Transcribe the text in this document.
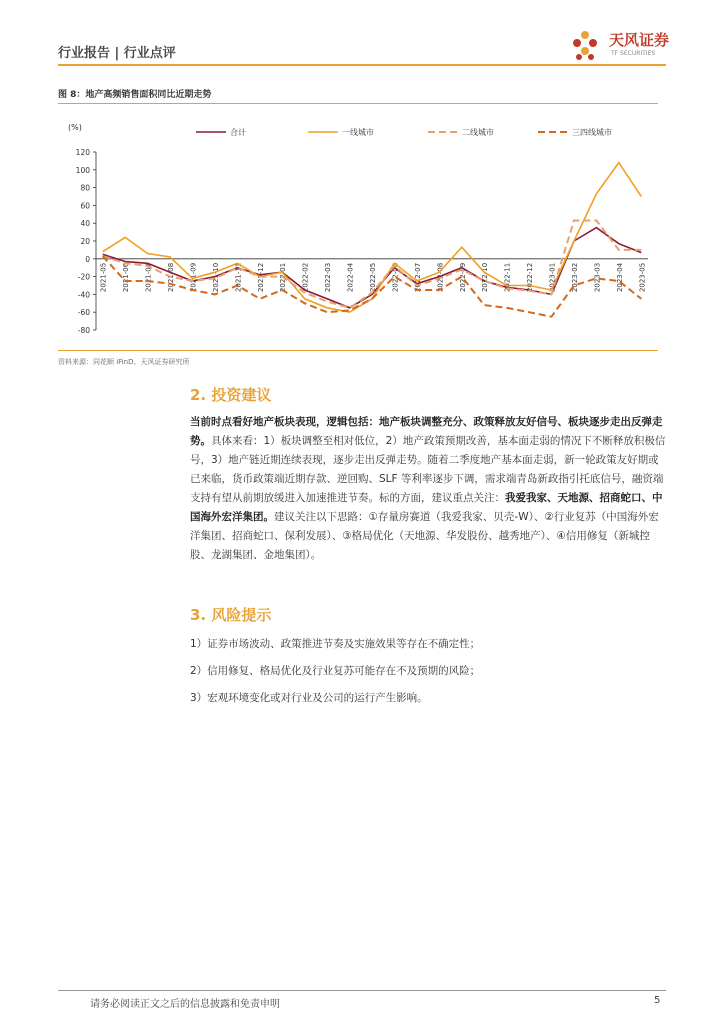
行业报告 | 行业点评
天风证券
TF SECURITIES
图 8：地产高频销售面积同比近期走势
(%)
120
100
80
60
40
20
0
-20
-40
-60
-80
2021-05 2021-06 2021-07 2021-08 2021-09 2021-10 2021-11 2021-12 2022-01 2022-02 2022-03 2022-04 2022-05 2022-06 2022-07 2022-08 2022-09 2022-10 2022-11 2022-12 2023-01 2023-02 2023-03 2023-04 2023-05
合计	一线城市	二线城市	三四线城市
资料来源：同花顺 iFinD、天风证券研究所
2. 投资建议

当前时点看好地产板块表现，逻辑包括：地产板块调整充分、政策释放友好信号、板块逐步走出反弹走势。具体来看：1）板块调整至相对低位，2）地产政策预期改善，基本面走弱的情况下不断释放积极信号，3）地产链近期连续表现，逐步走出反弹走势。随着二季度地产基本面走弱，新一轮政策友好期或已来临，货币政策端近期存款、逆回购、SLF 等利率逐步下调，需求端青岛新政指引托底信号，融资端支持有望从前期放缓进入加速推进节奏。标的方面，建议重点关注：我爱我家、天地源、招商蛇口、中国海外宏洋集团。建议关注以下思路：①存量房赛道（我爱我家、贝壳-W）、②行业复苏（中国海外宏洋集团、招商蛇口、保利发展）、③格局优化（天地源、华发股份、越秀地产）、④信用修复（新城控股、龙湖集团、金地集团）。

3. 风险提示
1）证券市场波动、政策推进节奏及实施效果等存在不确定性；
2）信用修复、格局优化及行业复苏可能存在不及预期的风险；
3）宏观环境变化或对行业及公司的运行产生影响。
请务必阅读正文之后的信息披露和免责申明	5
